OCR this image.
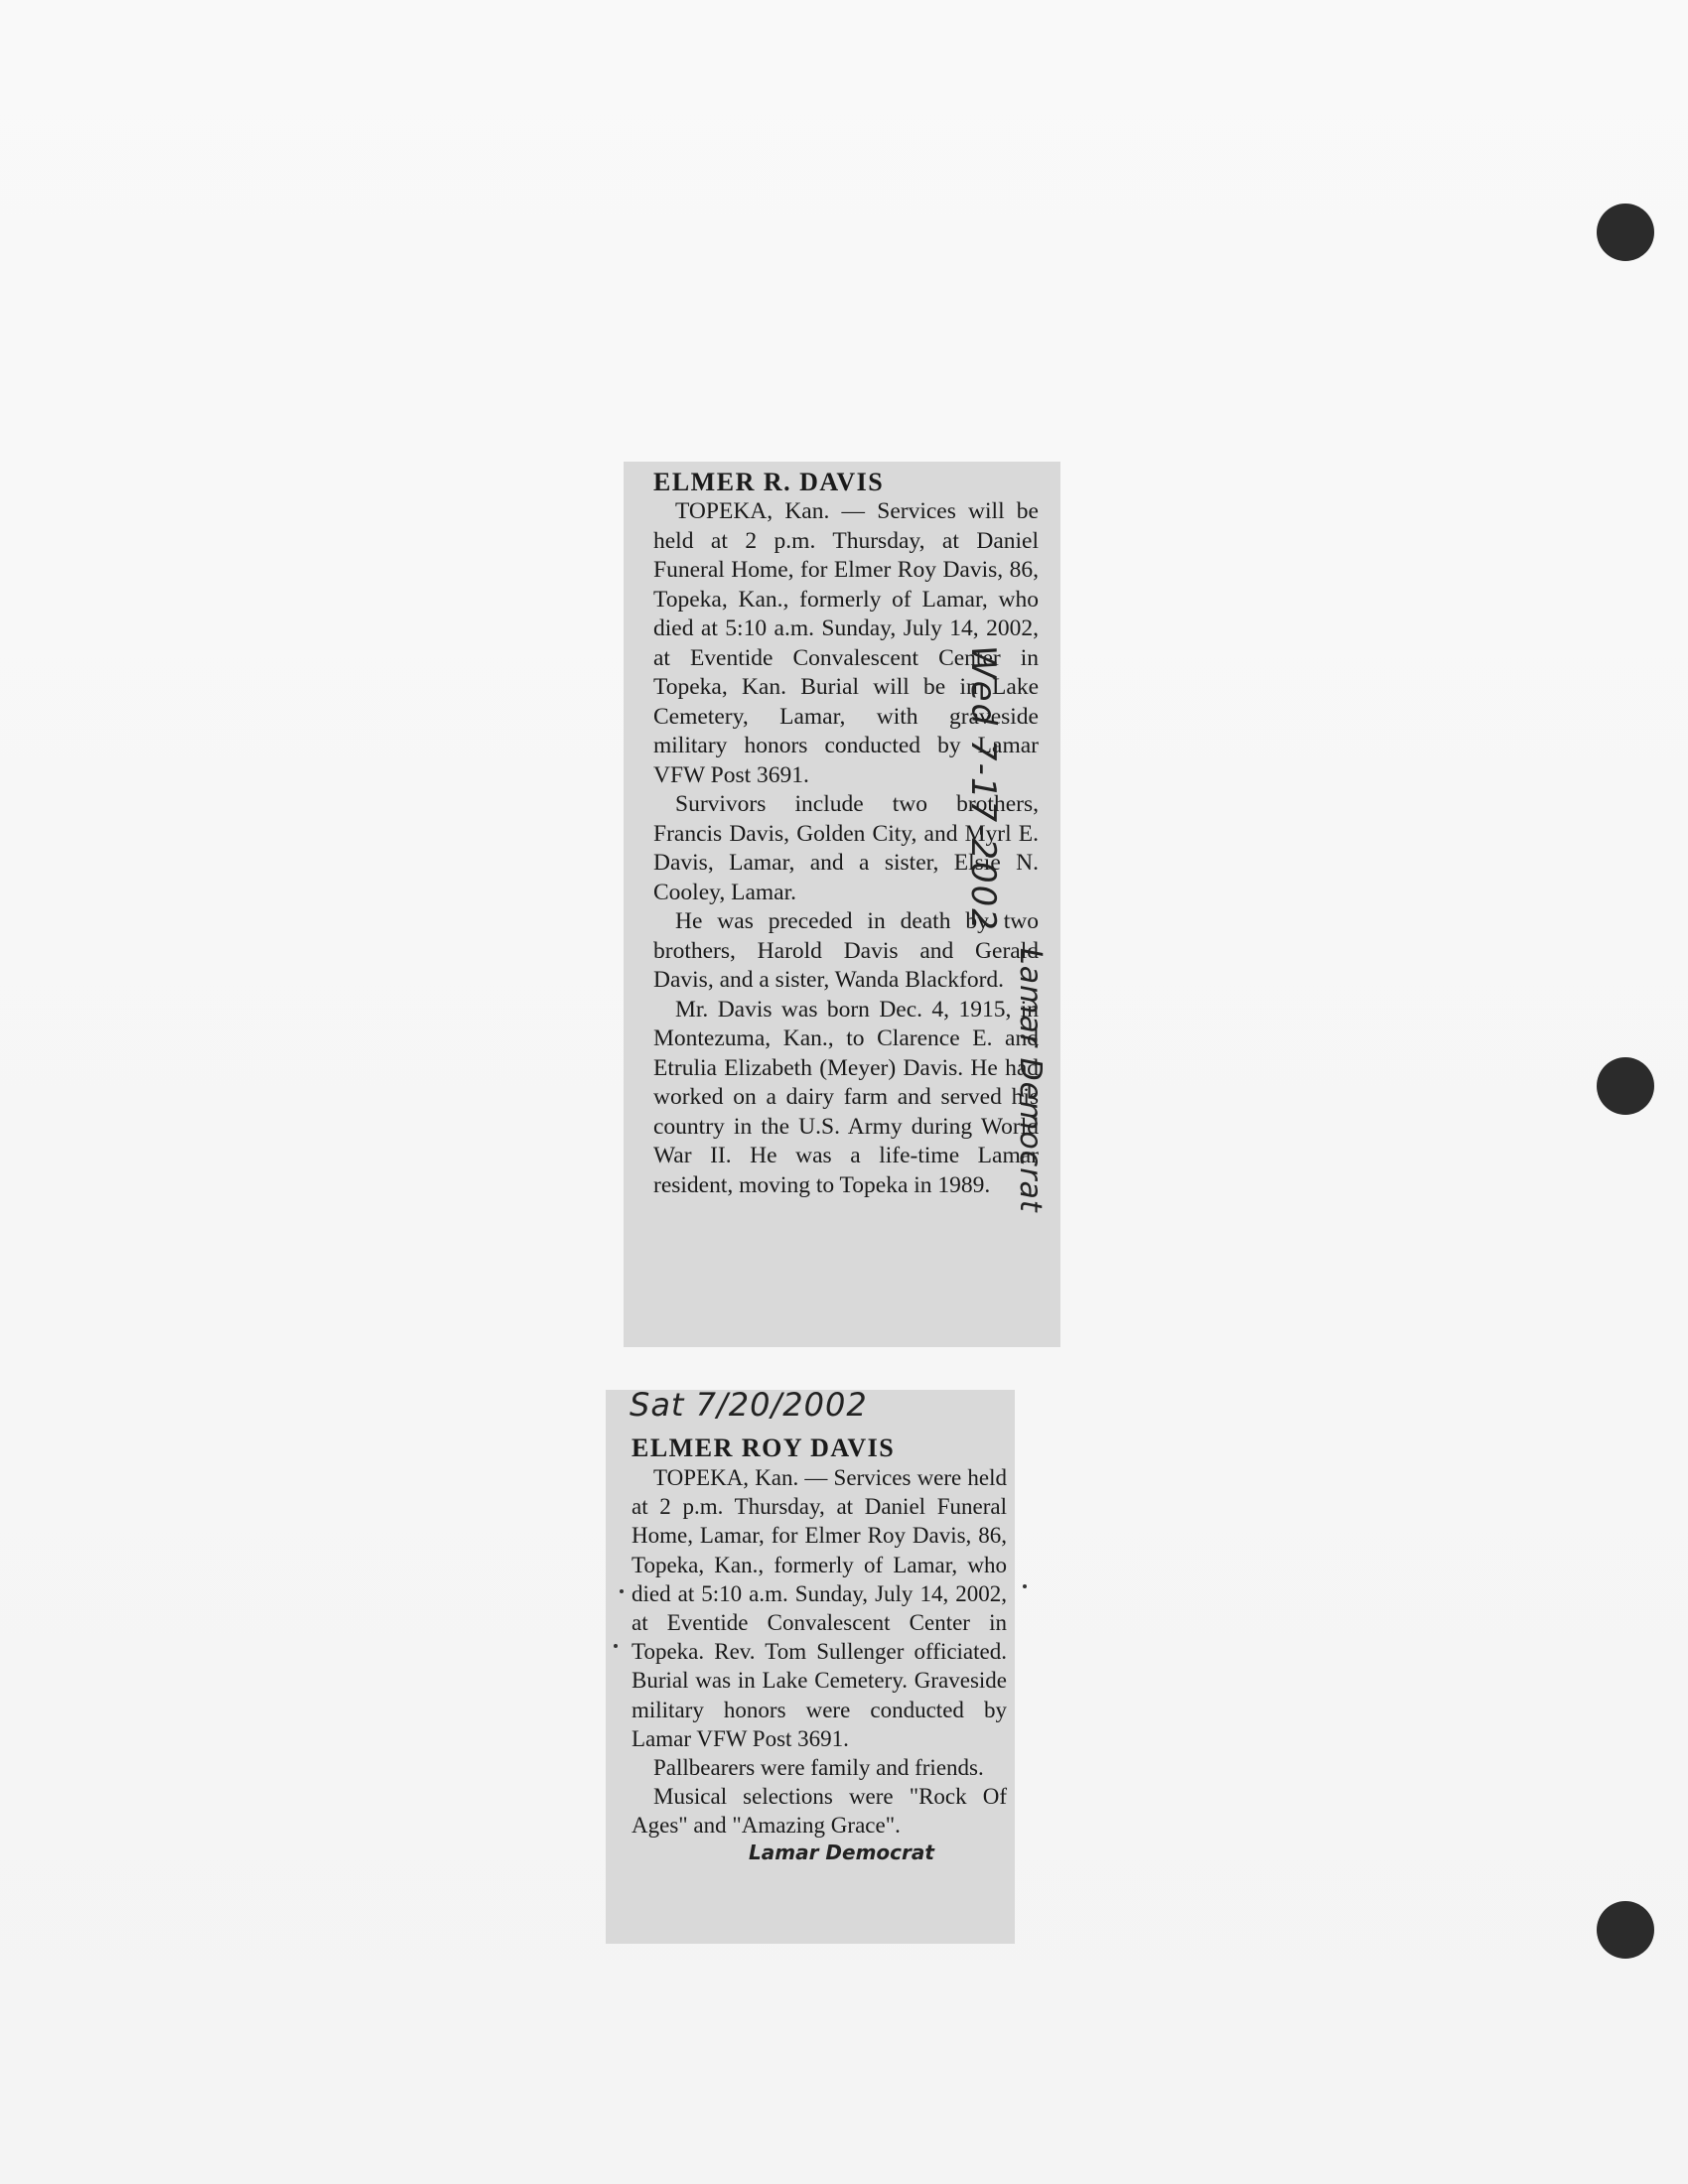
ELMER R. DAVIS

TOPEKA, Kan. — Services will be held at 2 p.m. Thursday, at Daniel Funeral Home, for Elmer Roy Davis, 86, Topeka, Kan., formerly of Lamar, who died at 5:10 a.m. Sunday, July 14, 2002, at Eventide Convalescent Center in Topeka, Kan. Burial will be in Lake Cemetery, Lamar, with graveside military honors conducted by Lamar VFW Post 3691.

Survivors include two brothers, Francis Davis, Golden City, and Myrl E. Davis, Lamar, and a sister, Elsie N. Cooley, Lamar.

He was preceded in death by two brothers, Harold Davis and Gerald Davis, and a sister, Wanda Blackford.

Mr. Davis was born Dec. 4, 1915, in Montezuma, Kan., to Clarence E. and Etrulia Elizabeth (Meyer) Davis. He had worked on a dairy farm and served his country in the U.S. Army during World War II. He was a life-time Lamar resident, moving to Topeka in 1989.

Wed 7-17-2002
Lamar Democrat

ELMER ROY DAVIS

TOPEKA, Kan. — Services were held at 2 p.m. Thursday, at Daniel Funeral Home, Lamar, for Elmer Roy Davis, 86, Topeka, Kan., formerly of Lamar, who died at 5:10 a.m. Sunday, July 14, 2002, at Eventide Convalescent Center in Topeka. Rev. Tom Sullenger officiated. Burial was in Lake Cemetery. Graveside military honors were conducted by Lamar VFW Post 3691.

Pallbearers were family and friends.

Musical selections were "Rock Of Ages" and "Amazing Grace".

Sat 7/20/2002
Lamar Democrat
